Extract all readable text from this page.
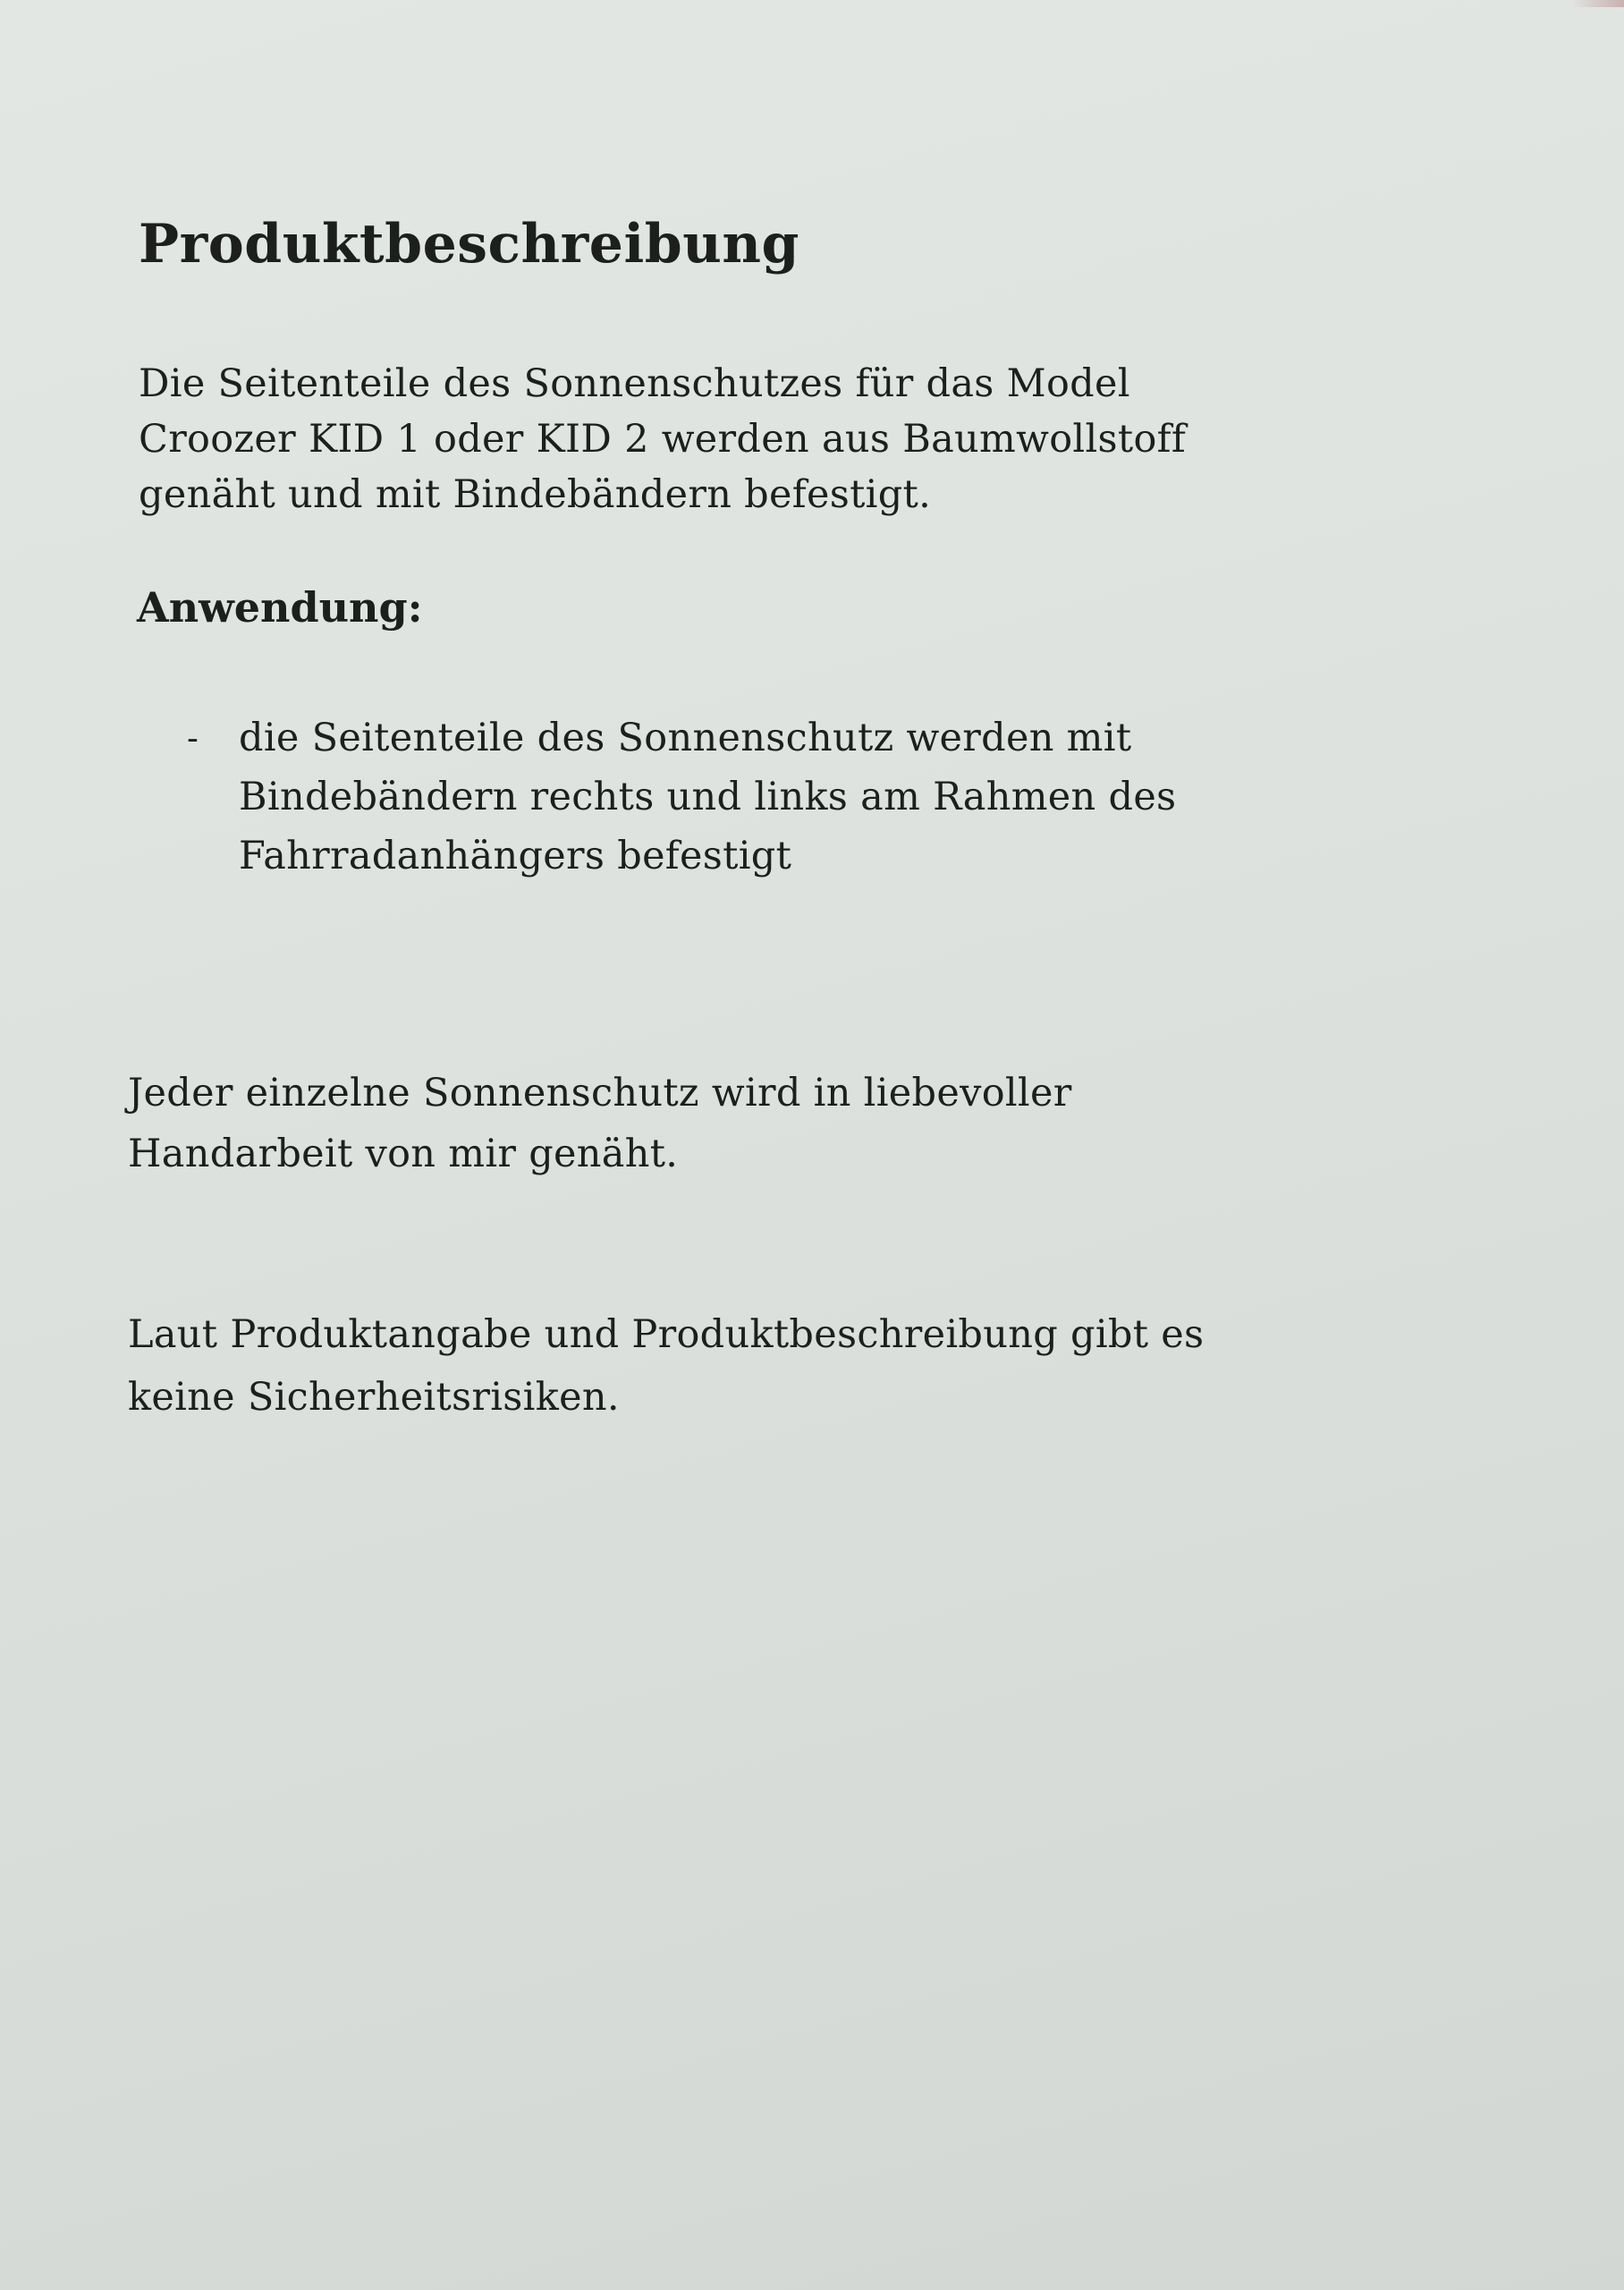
Produktbeschreibung

Die Seitenteile des Sonnenschutzes für das Model
Croozer KID 1 oder KID 2 werden aus Baumwollstoff
genäht und mit Bindebändern befestigt.

Anwendung:
- die Seitenteile des Sonnenschutz werden mit
Bindebändern rechts und links am Rahmen des
Fahrradanhängers befestigt

Jeder einzelne Sonnenschutz wird in liebevoller
Handarbeit von mir genäht.

Laut Produktangabe und Produktbeschreibung gibt es
keine Sicherheitsrisiken.
